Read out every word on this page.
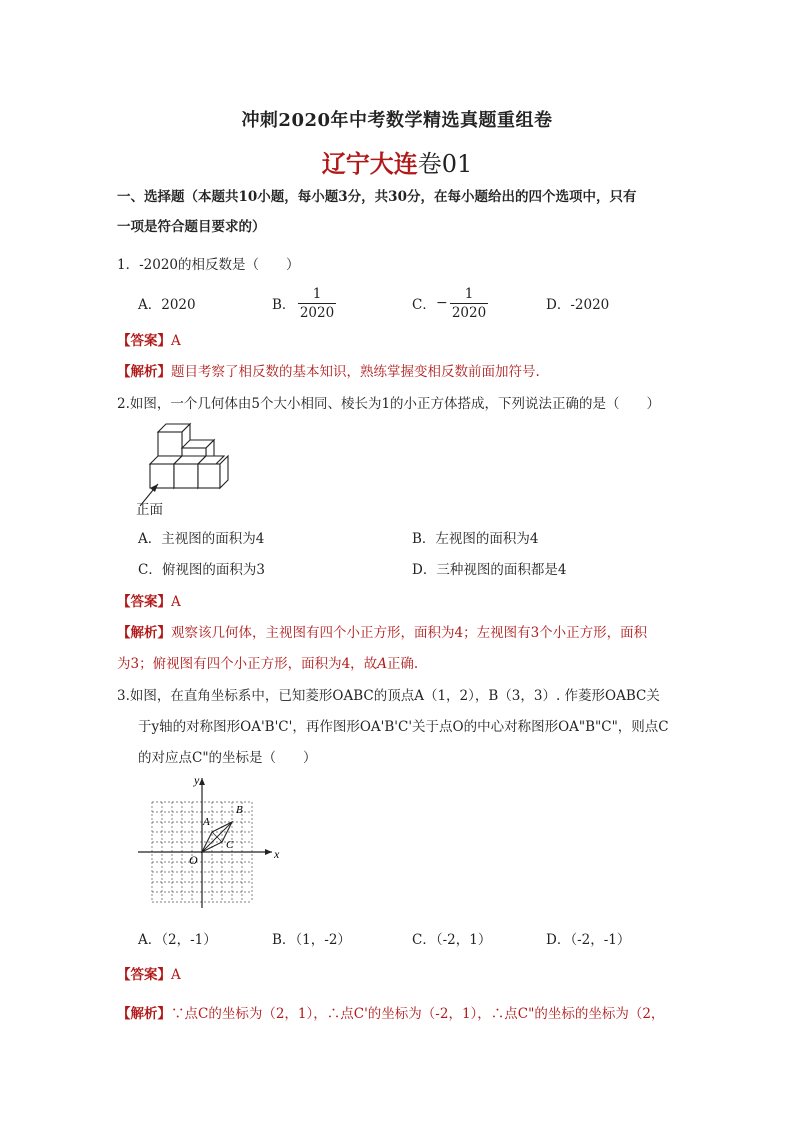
冲刺2020年中考数学精选真题重组卷
辽宁大连卷01
一、选择题（本题共10小题，每小题3分，共30分，在每小题给出的四个选项中，只有
一项是符合题目要求的）
1．-2020的相反数是（　　）
A．2020	B．
1
2020	C． −
1
2020	D．-2020
【答案】A
【解析】题目考察了相反数的基本知识，熟练掌握变相反数前面加符号.
2.如图，一个几何体由5个大小相同、棱长为1的小正方体搭成，下列说法正确的是（　　）
正面
A．主视图的面积为4	B．左视图的面积为4
C．俯视图的面积为3	D．三种视图的面积都是4
【答案】A
【解析】观察该几何体，主视图有四个小正方形，面积为4；左视图有3个小正方形，面积
为3；俯视图有四个小正方形，面积为4，故A正确.
3.如图，在直角坐标系中，已知菱形OABC的顶点A（1，2），B（3，3）. 作菱形OABC关
于y轴的对称图形OA'B'C'，再作图形OA'B'C'关于点O的中心对称图形OA"B"C"，则点C
的对应点C"的坐标是（　　）
y
x
O
A
B
C
A．（2，-1）	B．（1，-2）	C．（-2，1）	D．（-2，-1）
【答案】A
【解析】∵点C的坐标为（2，1），∴点C'的坐标为（-2，1），∴点C"的坐标的坐标为（2，
